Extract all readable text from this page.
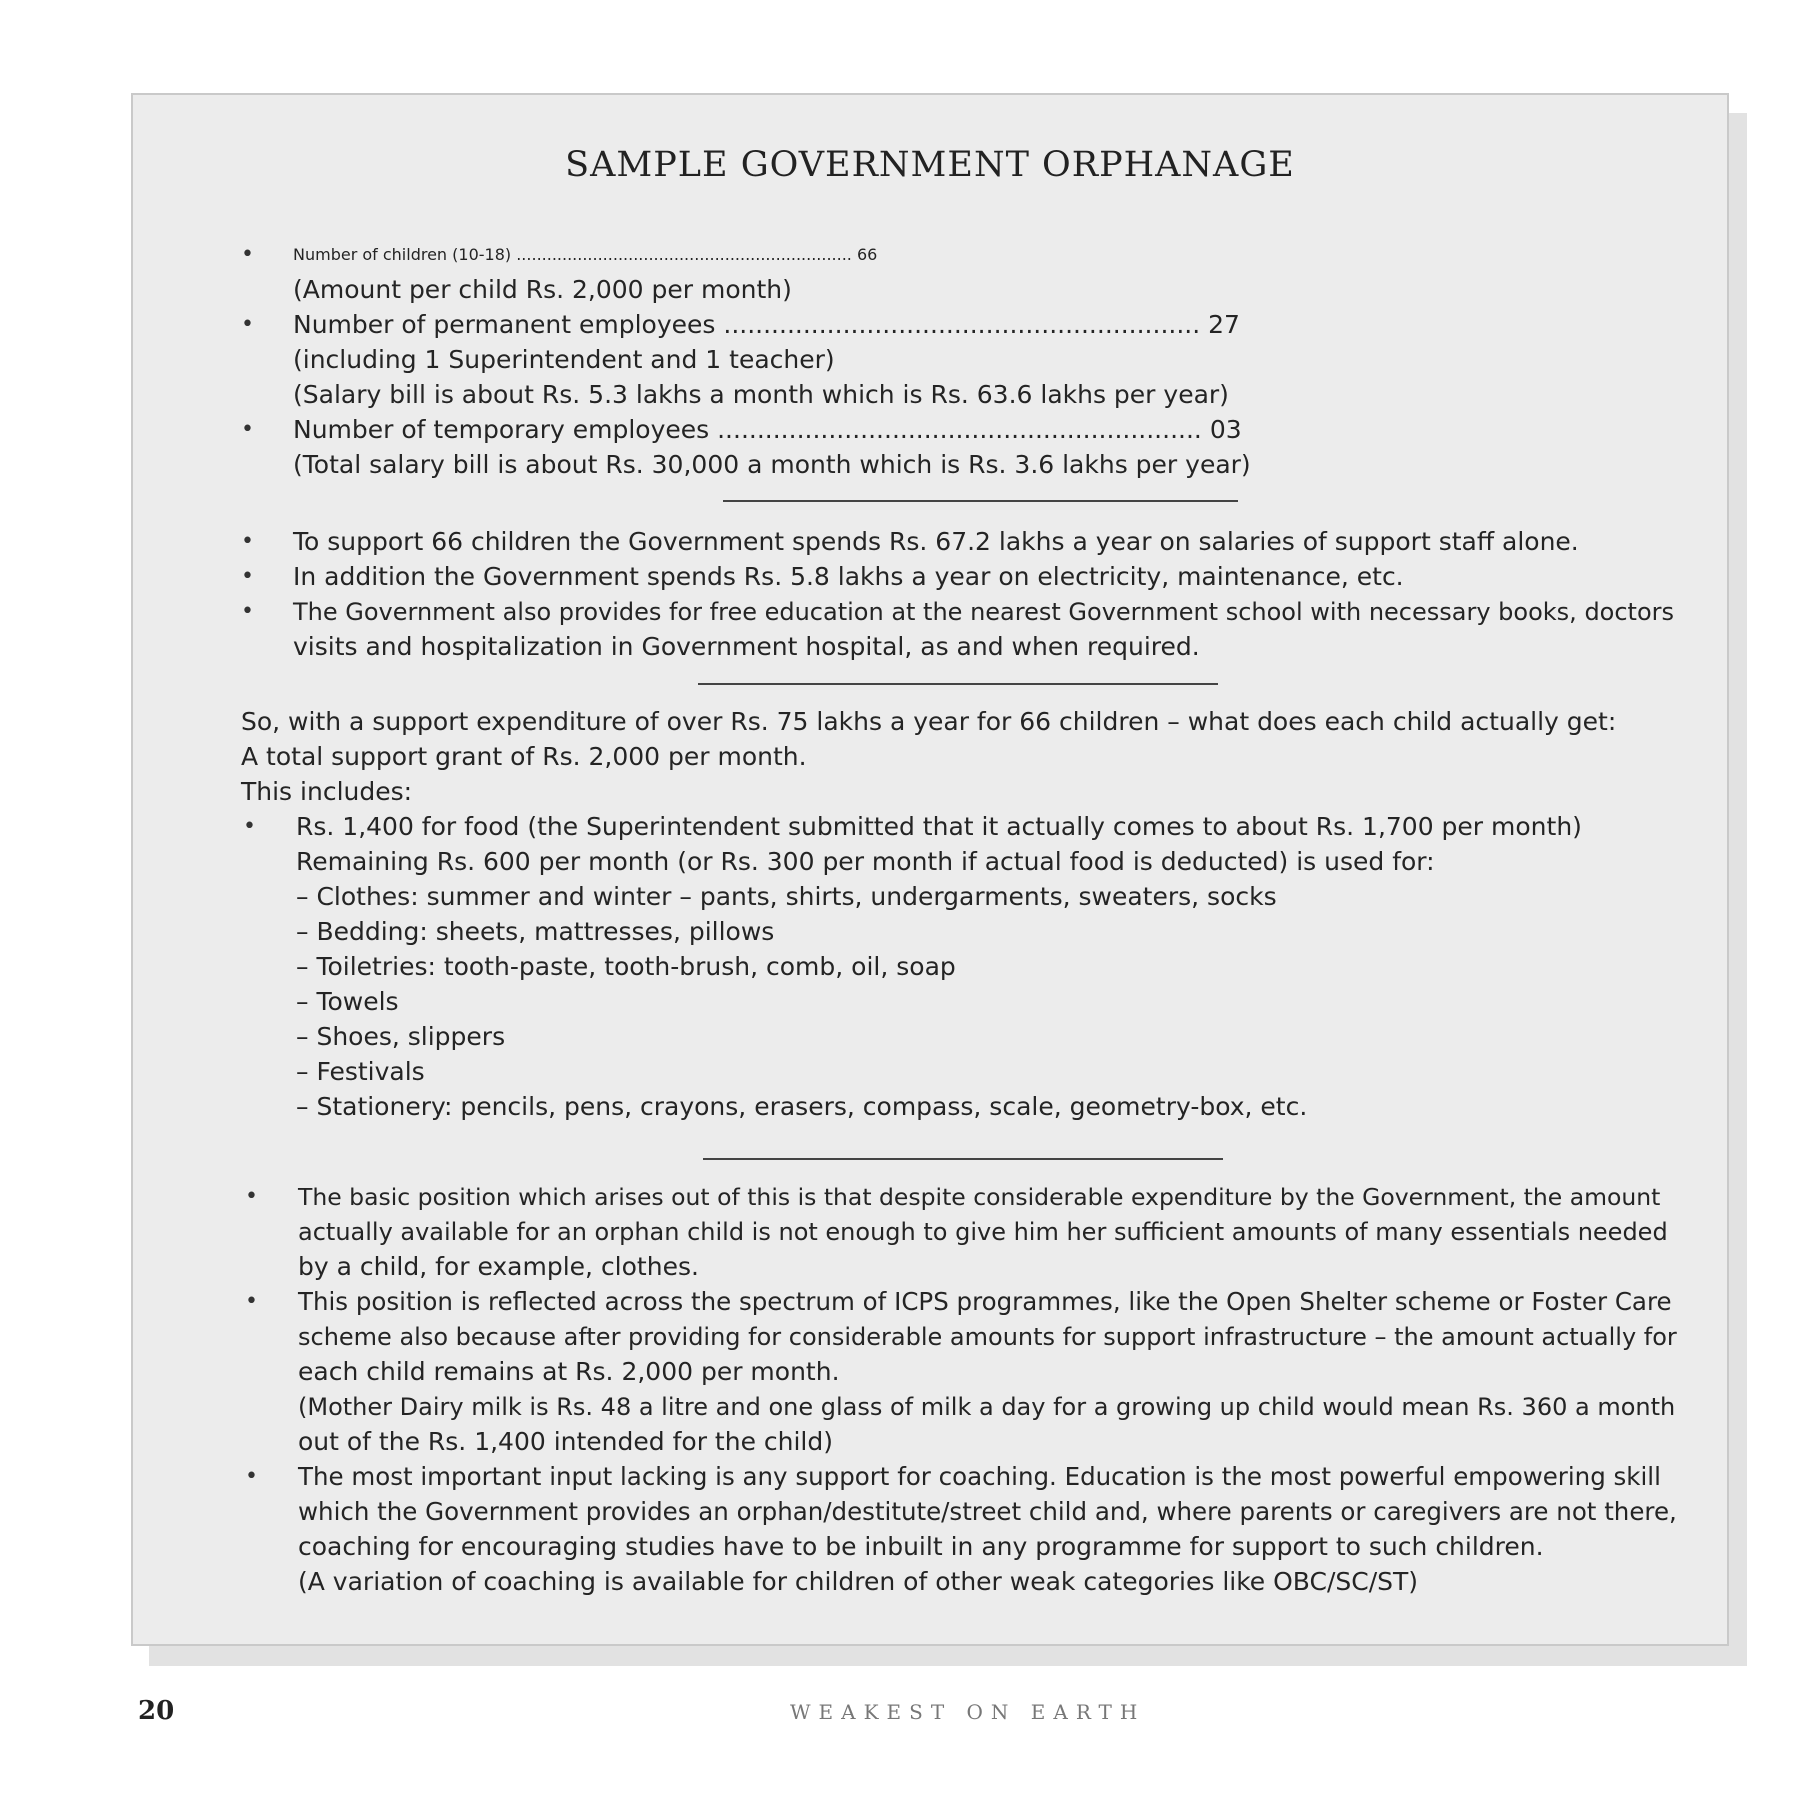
SAMPLE GOVERNMENT ORPHANAGE
• Number of children (10-18) .................................................................. 66
(Amount per child Rs. 2,000 per month)
• Number of permanent employees ............................................................ 27
(including 1 Superintendent and 1 teacher)
(Salary bill is about Rs. 5.3 lakhs a month which is Rs. 63.6 lakhs per year)
• Number of temporary employees ............................................................. 03
(Total salary bill is about Rs. 30,000 a month which is Rs. 3.6 lakhs per year)
• To support 66 children the Government spends Rs. 67.2 lakhs a year on salaries of support staff alone.
• In addition the Government spends Rs. 5.8 lakhs a year on electricity, maintenance, etc.
• The Government also provides for free education at the nearest Government school with necessary books, doctors
visits and hospitalization in Government hospital, as and when required.
So, with a support expenditure of over Rs. 75 lakhs a year for 66 children – what does each child actually get:
A total support grant of Rs. 2,000 per month.
This includes:
• Rs. 1,400 for food (the Superintendent submitted that it actually comes to about Rs. 1,700 per month)
Remaining Rs. 600 per month (or Rs. 300 per month if actual food is deducted) is used for:
– Clothes: summer and winter – pants, shirts, undergarments, sweaters, socks
– Bedding: sheets, mattresses, pillows
– Toiletries: tooth-paste, tooth-brush, comb, oil, soap
– Towels
– Shoes, slippers
– Festivals
– Stationery: pencils, pens, crayons, erasers, compass, scale, geometry-box, etc.
• The basic position which arises out of this is that despite considerable expenditure by the Government, the amount
actually available for an orphan child is not enough to give him her sufficient amounts of many essentials needed
by a child, for example, clothes.
• This position is reflected across the spectrum of ICPS programmes, like the Open Shelter scheme or Foster Care
scheme also because after providing for considerable amounts for support infrastructure – the amount actually for
each child remains at Rs. 2,000 per month.
(Mother Dairy milk is Rs. 48 a litre and one glass of milk a day for a growing up child would mean Rs. 360 a month
out of the Rs. 1,400 intended for the child)
• The most important input lacking is any support for coaching. Education is the most powerful empowering skill
which the Government provides an orphan/destitute/street child and, where parents or caregivers are not there,
coaching for encouraging studies have to be inbuilt in any programme for support to such children.
(A variation of coaching is available for children of other weak categories like OBC/SC/ST)
20	WEAKEST ON EARTH
